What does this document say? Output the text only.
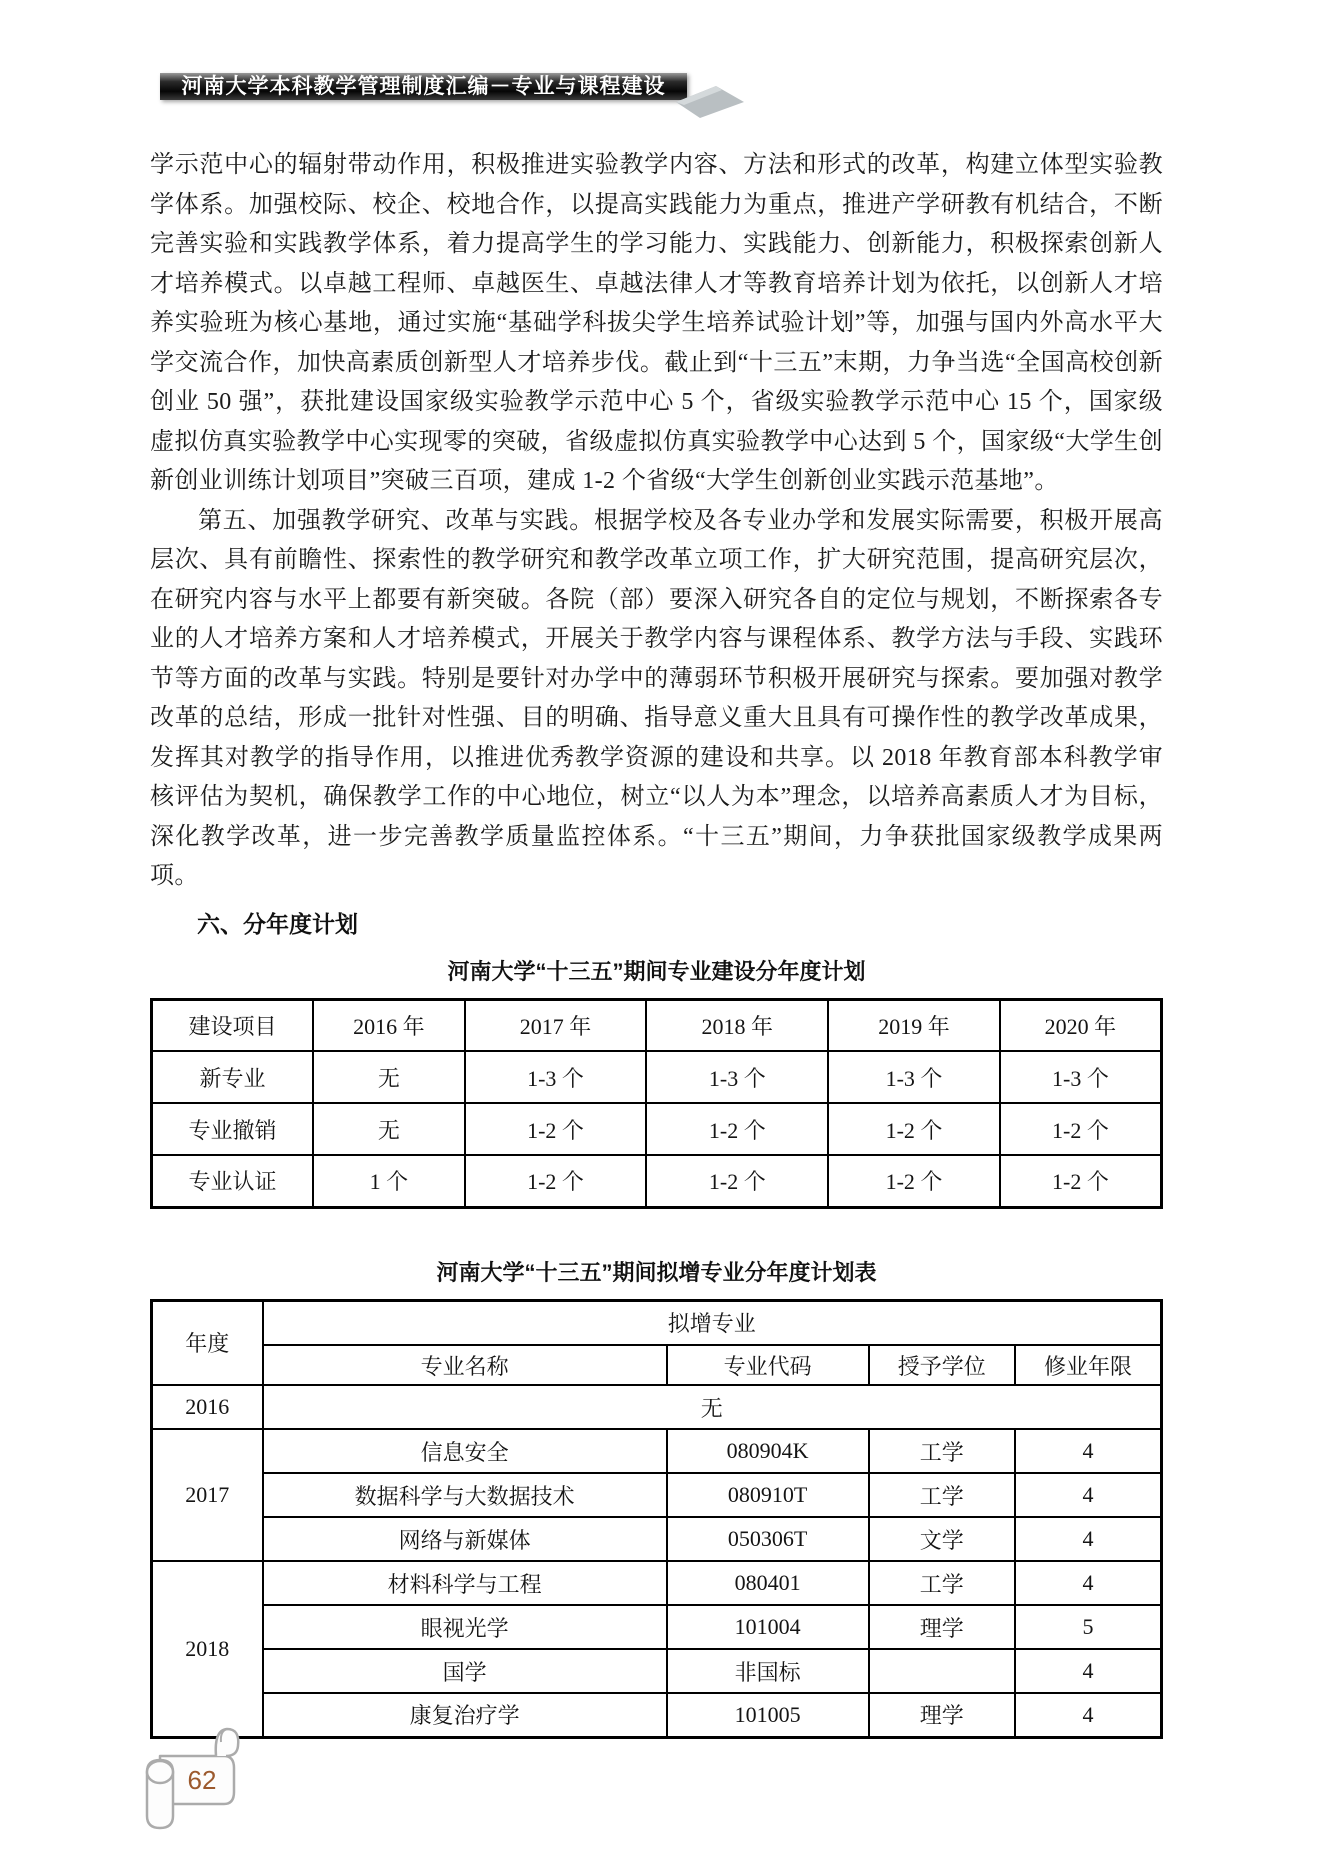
河南大学本科教学管理制度汇编－专业与课程建设

学示范中心的辐射带动作用，积极推进实验教学内容、方法和形式的改革，构建立体型实验教学体系。加强校际、校企、校地合作，以提高实践能力为重点，推进产学研教有机结合，不断完善实验和实践教学体系，着力提高学生的学习能力、实践能力、创新能力，积极探索创新人才培养模式。以卓越工程师、卓越医生、卓越法律人才等教育培养计划为依托，以创新人才培养实验班为核心基地，通过实施“基础学科拔尖学生培养试验计划”等，加强与国内外高水平大学交流合作，加快高素质创新型人才培养步伐。截止到“十三五”末期，力争当选“全国高校创新创业 50 强”，获批建设国家级实验教学示范中心 5 个，省级实验教学示范中心 15 个，国家级虚拟仿真实验教学中心实现零的突破，省级虚拟仿真实验教学中心达到 5 个，国家级“大学生创新创业训练计划项目”突破三百项，建成 1-2 个省级“大学生创新创业实践示范基地”。

第五、加强教学研究、改革与实践。根据学校及各专业办学和发展实际需要，积极开展高层次、具有前瞻性、探索性的教学研究和教学改革立项工作，扩大研究范围，提高研究层次，在研究内容与水平上都要有新突破。各院（部）要深入研究各自的定位与规划，不断探索各专业的人才培养方案和人才培养模式，开展关于教学内容与课程体系、教学方法与手段、实践环节等方面的改革与实践。特别是要针对办学中的薄弱环节积极开展研究与探索。要加强对教学改革的总结，形成一批针对性强、目的明确、指导意义重大且具有可操作性的教学改革成果，发挥其对教学的指导作用，以推进优秀教学资源的建设和共享。以 2018 年教育部本科教学审核评估为契机，确保教学工作的中心地位，树立“以人为本”理念，以培养高素质人才为目标，深化教学改革，进一步完善教学质量监控体系。“十三五”期间，力争获批国家级教学成果两项。

六、分年度计划
河南大学“十三五”期间专业建设分年度计划
建设项目	2016 年	2017 年	2018 年	2019 年	2020 年
新专业	无	1-3 个	1-3 个	1-3 个	1-3 个
专业撤销	无	1-2 个	1-2 个	1-2 个	1-2 个
专业认证	1 个	1-2 个	1-2 个	1-2 个	1-2 个
河南大学“十三五”期间拟增专业分年度计划表
年度	拟增专业			
	专业名称	专业代码	授予学位	修业年限
2016	无			
2017	信息安全	080904K	工学	4
	数据科学与大数据技术	080910T	工学	4
	网络与新媒体	050306T	文学	4
2018	材料科学与工程	080401	工学	4
	眼视光学	101004	理学	5
	国学	非国标		4
	康复治疗学	101005	理学	4
62
